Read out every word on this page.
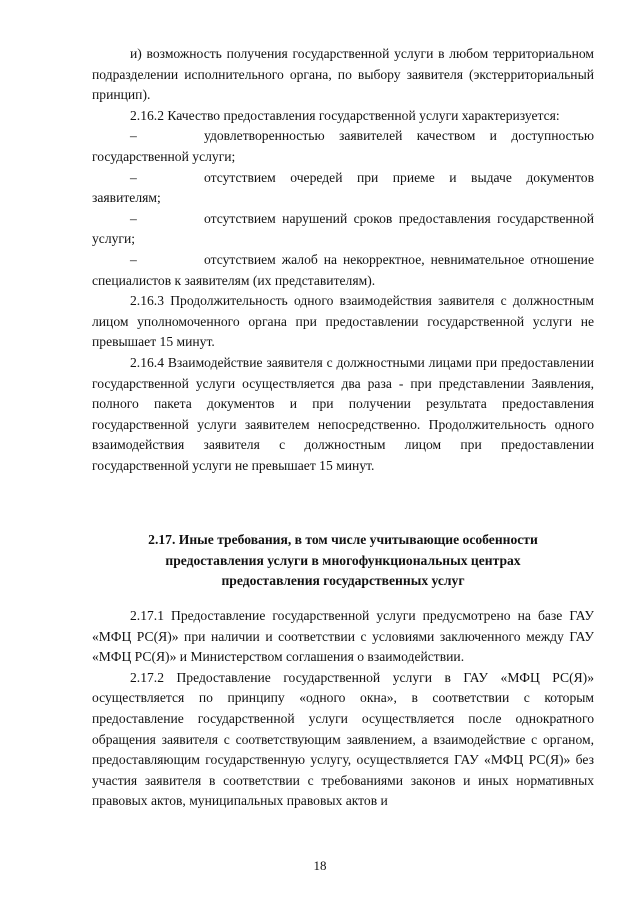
и) возможность получения государственной услуги в любом территориальном подразделении исполнительного органа, по выбору заявителя (экстерриториальный принцип).

2.16.2 Качество предоставления государственной услуги характеризуется:

–	удовлетворенностью заявителей качеством и доступностью государственной услуги;

–	отсутствием очередей при приеме и выдаче документов заявителям;

–	отсутствием нарушений сроков предоставления государственной услуги;

–	отсутствием жалоб на некорректное, невнимательное отношение специалистов к заявителям (их представителям).

2.16.3 Продолжительность одного взаимодействия заявителя с должностным лицом уполномоченного органа при предоставлении государственной услуги не превышает 15 минут.

2.16.4 Взаимодействие заявителя с должностными лицами при предоставлении государственной услуги осуществляется два раза - при представлении Заявления, полного пакета документов и при получении результата предоставления государственной услуги заявителем непосредственно. Продолжительность одного взаимодействия заявителя с должностным лицом при предоставлении государственной услуги не превышает 15 минут.

2.17. Иные требования, в том числе учитывающие особенности
предоставления услуги в многофункциональных центрах
предоставления государственных услуг

2.17.1 Предоставление государственной услуги предусмотрено на базе ГАУ «МФЦ РС(Я)» при наличии и соответствии с условиями заключенного между ГАУ «МФЦ РС(Я)» и Министерством соглашения о взаимодействии.

2.17.2 Предоставление государственной услуги в ГАУ «МФЦ РС(Я)» осуществляется по принципу «одного окна», в соответствии с которым предоставление государственной услуги осуществляется после однократного обращения заявителя с соответствующим заявлением, а взаимодействие с органом, предоставляющим государственную услугу, осуществляется ГАУ «МФЦ РС(Я)» без участия заявителя в соответствии с требованиями законов и иных нормативных правовых актов, муниципальных правовых актов и

18
